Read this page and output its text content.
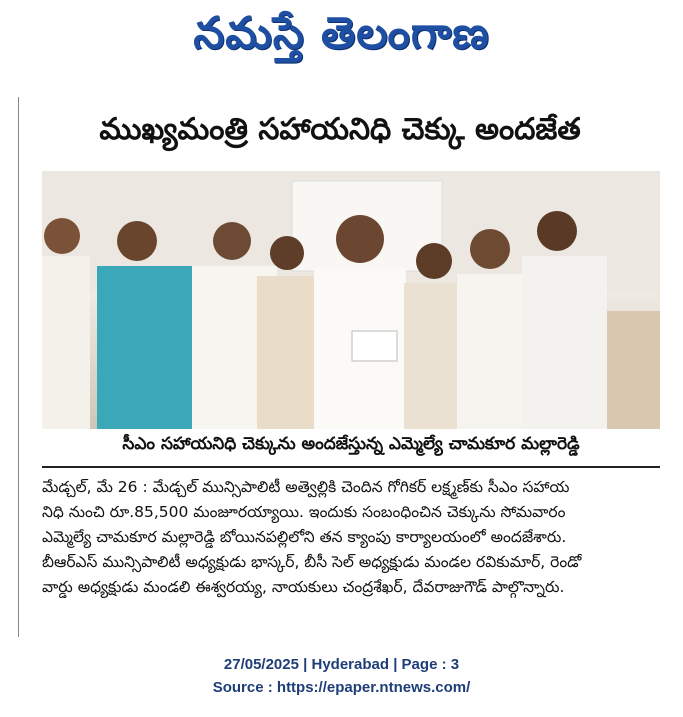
నమస్తే తెలంగాణ
ముఖ్యమంత్రి సహాయనిధి చెక్కు అందజేత
సీఎం సహాయనిధి చెక్కును అందజేస్తున్న ఎమ్మెల్యే చామకూర మల్లారెడ్డి
మేడ్చల్, మే 26 : మేడ్చల్ మున్సిపాలిటీ అత్వెల్లికి చెందిన గోగికర్ లక్ష్మణ్‌కు సీఎం సహాయ
నిధి నుంచి రూ.85,500 మంజూరయ్యాయి. ఇందుకు సంబంధించిన చెక్కును సోమవారం
ఎమ్మెల్యే చామకూర మల్లారెడ్డి బోయినపల్లిలోని తన క్యాంపు కార్యాలయంలో అందజేశారు.
బీఆర్‌ఎస్ మున్సిపాలిటీ అధ్యక్షుడు భాస్కర్, బీసీ సెల్ అధ్యక్షుడు మండల రవికుమార్, రెండో
వార్డు అధ్యక్షుడు మండలి ఈశ్వరయ్య, నాయకులు చంద్రశేఖర్, దేవరాజుగౌడ్ పాల్గొన్నారు.
27/05/2025 | Hyderabad | Page : 3
Source : https://epaper.ntnews.com/
